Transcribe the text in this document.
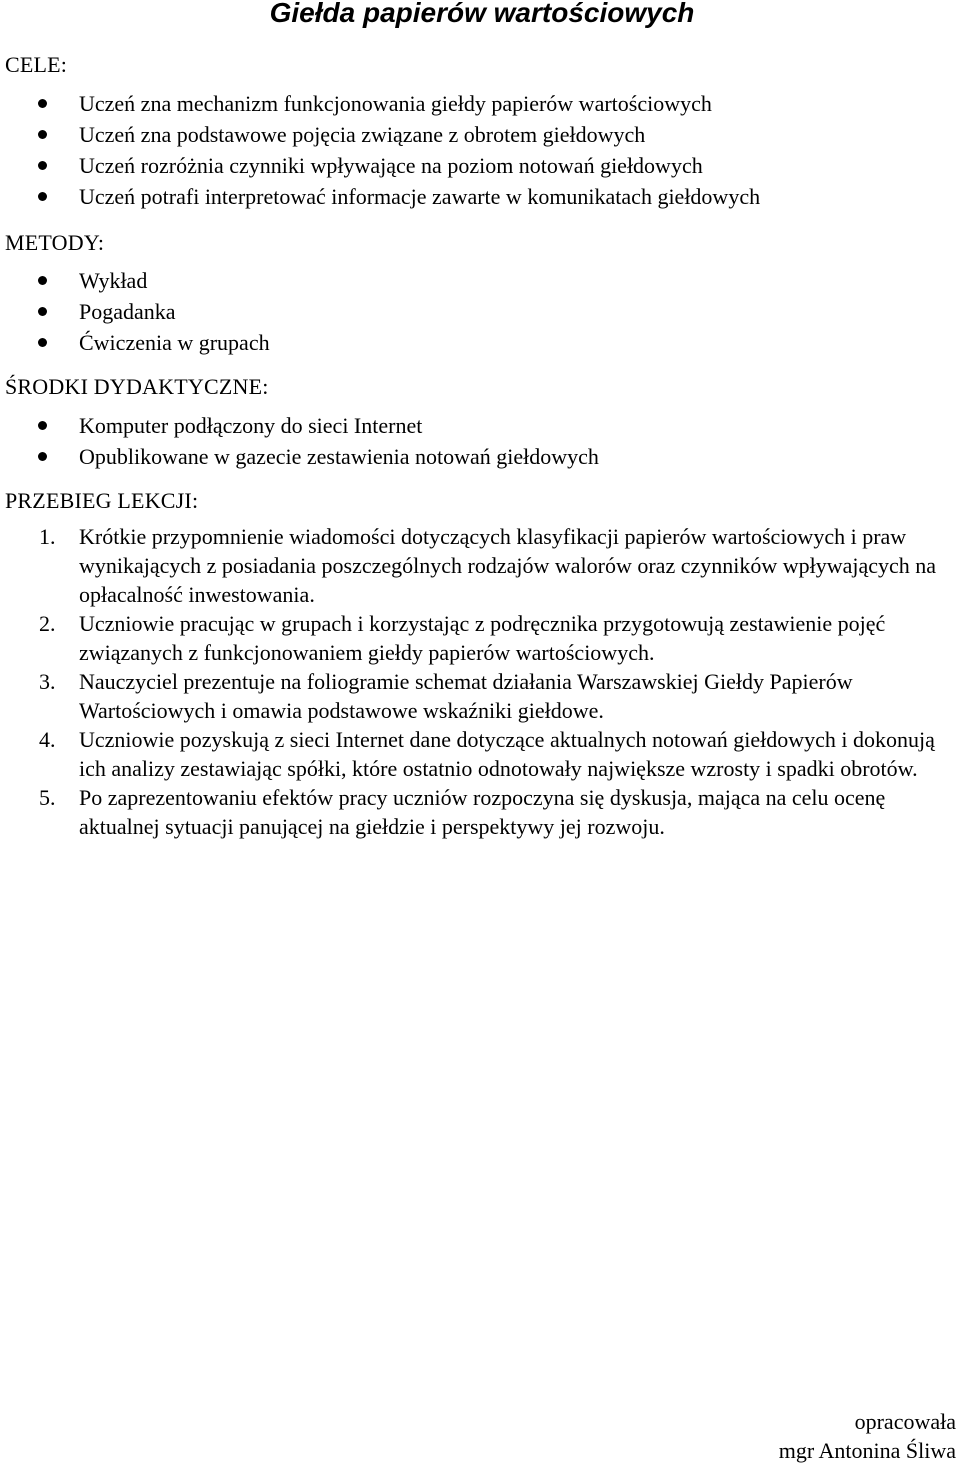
Giełda papierów wartościowych
CELE:
Uczeń zna mechanizm funkcjonowania giełdy papierów wartościowych
Uczeń zna podstawowe pojęcia związane z obrotem giełdowych
Uczeń rozróżnia czynniki wpływające na poziom notowań giełdowych
Uczeń potrafi interpretować informacje zawarte w komunikatach giełdowych
METODY:
Wykład
Pogadanka
Ćwiczenia w grupach
ŚRODKI DYDAKTYCZNE:
Komputer podłączony do sieci Internet
Opublikowane w gazecie zestawienia notowań giełdowych
PRZEBIEG LEKCJI:
1. Krótkie przypomnienie wiadomości dotyczących klasyfikacji papierów wartościowych i praw wynikających z posiadania poszczególnych rodzajów walorów oraz czynników wpływających na opłacalność inwestowania.
2. Uczniowie pracując w grupach i korzystając z podręcznika przygotowują zestawienie pojęć związanych z funkcjonowaniem giełdy papierów wartościowych.
3. Nauczyciel prezentuje na foliogramie schemat działania Warszawskiej Giełdy Papierów Wartościowych i omawia podstawowe wskaźniki giełdowe.
4. Uczniowie pozyskują z sieci Internet dane dotyczące aktualnych notowań giełdowych i dokonują ich analizy zestawiając spółki, które ostatnio odnotowały największe wzrosty i spadki obrotów.
5. Po zaprezentowaniu efektów pracy uczniów rozpoczyna się dyskusja, mająca na celu ocenę aktualnej sytuacji panującej na giełdzie i perspektywy jej rozwoju.
opracowała
mgr Antonina Śliwa
